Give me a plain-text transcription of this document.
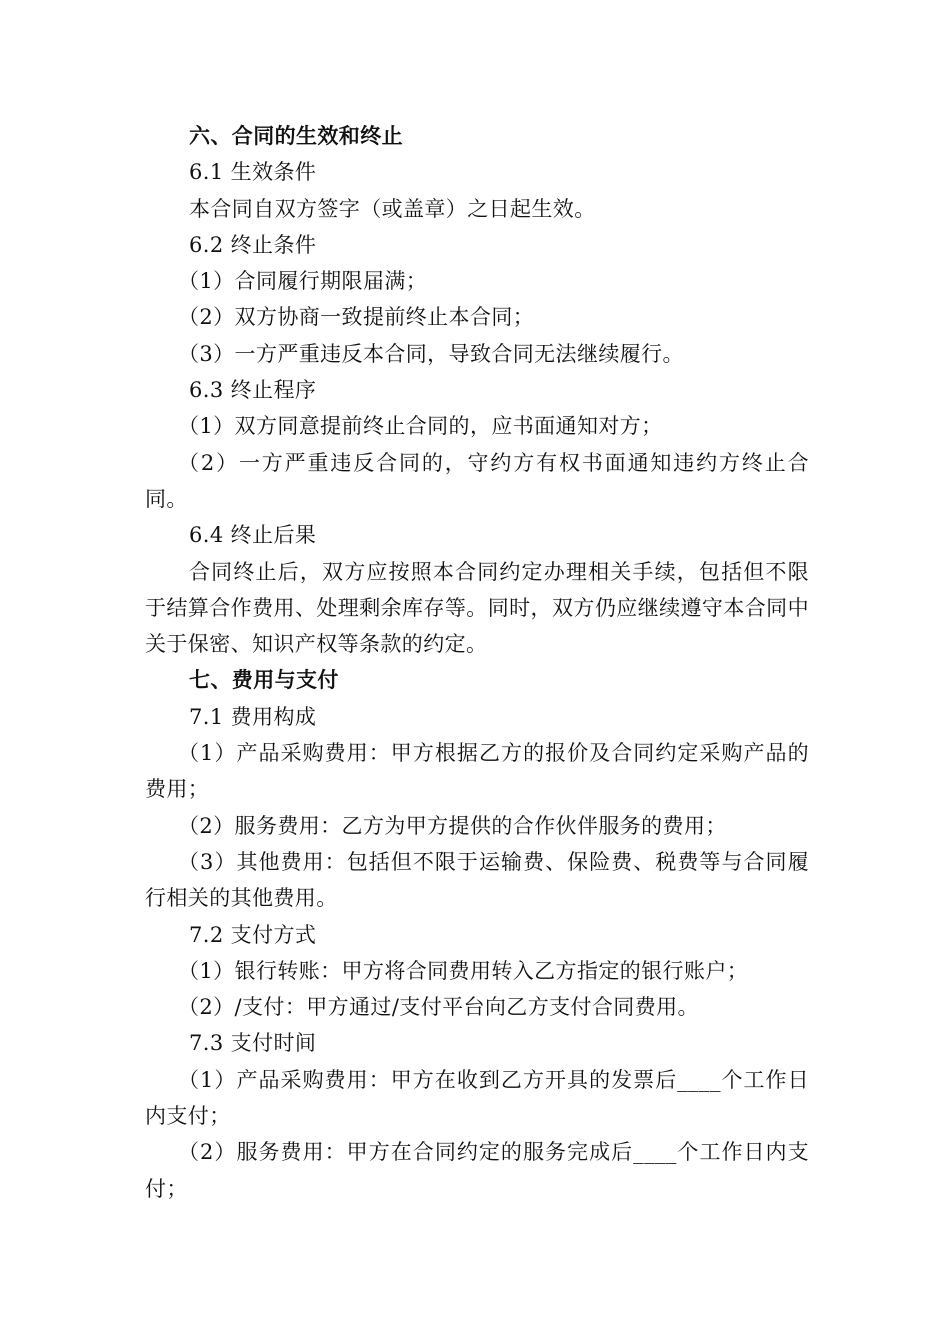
六、合同的生效和终止
6.1 生效条件
本合同自双方签字（或盖章）之日起生效。
6.2 终止条件
（1）合同履行期限届满；
（2）双方协商一致提前终止本合同；
（3）一方严重违反本合同，导致合同无法继续履行。
6.3 终止程序
（1）双方同意提前终止合同的，应书面通知对方；
（2）一方严重违反合同的，守约方有权书面通知违约方终止合同。
6.4 终止后果
合同终止后，双方应按照本合同约定办理相关手续，包括但不限于结算合作费用、处理剩余库存等。同时，双方仍应继续遵守本合同中关于保密、知识产权等条款的约定。
七、费用与支付
7.1 费用构成
（1）产品采购费用：甲方根据乙方的报价及合同约定采购产品的费用；
（2）服务费用：乙方为甲方提供的合作伙伴服务的费用；
（3）其他费用：包括但不限于运输费、保险费、税费等与合同履行相关的其他费用。
7.2 支付方式
（1）银行转账：甲方将合同费用转入乙方指定的银行账户；
（2）/支付：甲方通过/支付平台向乙方支付合同费用。
7.3 支付时间
（1）产品采购费用：甲方在收到乙方开具的发票后____个工作日内支付；
（2）服务费用：甲方在合同约定的服务完成后____个工作日内支付；
